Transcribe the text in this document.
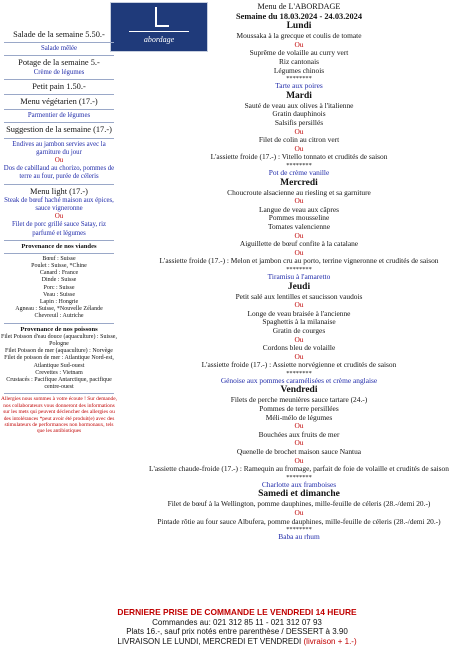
abordage
Salade de la semaine 5.50.-
Salade mêlée
Potage de la semaine 5.-
Crème de légumes
Petit pain 1.50.-
Menu végétarien (17.-)
Parmentier de légumes
Suggestion de la semaine (17.-)
Endives au jambon servies avec la garniture du jour
Ou
Dos de cabillaud au chorizo, pommes de terre au four, purée de céleris
Menu light (17.-)
Steak de bœuf haché maison aux épices, sauce vigneronne
Ou
Filet de porc grillé sauce Satay, riz parfumé et légumes
Provenance de nos viandes
Bœuf : Suisse
Poulet : Suisse, *Chine
Canard : France
Dinde : Suisse
Porc : Suisse
Veau : Suisse
Lapin : Hongrie
Agneau : Suisse, *Nouvelle Zélande
Chevreuil : Autriche
Provenance de nos poissons
Filet Poisson d'eau douce (aquaculture) : Suisse, Pologne
Filet Poisson de mer (aquaculture) : Norvège
Filet de poisson de mer : Atlantique Nord-est, Atlantique Sud-ouest
Crevettes : Vietnam
Crustacés : Pacifique Antarctique, pacifique centre-ouest
Allergies nous sommes à votre écoute ! Sur demande, nos collaborateurs vous donneront des informations sur les mets qui peuvent déclencher des allergies ou des intolérances *peut avoir été produit(e) avec des stimulateurs de performances non hormonaux, tels que les antibiotiques
Menu de L'ABORDAGE
Semaine du 18.03.2024 - 24.03.2024
Lundi
Moussaka à la grecque et coulis de tomate
Ou
Suprême de volaille au curry vert
Riz cantonais
Légumes chinois
********
Tarte aux poires
Mardi
Sauté de veau aux olives à l'italienne
Gratin dauphinois
Salsifis persillés
Ou
Filet de colin au citron vert
Ou
L'assiette froide (17.-) : Vitello tonnato et crudités de saison
********
Pot de crème vanille
Mercredi
Choucroute alsacienne au riesling et sa garniture
Ou
Langue de veau aux câpres
Pommes mousseline
Tomates valencienne
Ou
Aiguillette de bœuf confite à la catalane
Ou
L'assiette froide (17.-) : Melon et jambon cru au porto, terrine vigneronne et crudités de saison
********
Tiramisu à l'amaretto
Jeudi
Petit salé aux lentilles et saucisson vaudois
Ou
Longe de veau braisée à l'ancienne
Spaghettis à la milanaise
Gratin de courges
Ou
Cordons bleu de volaille
Ou
L'assiette froide (17.-) : Assiette norvégienne et crudités de saison
********
Génoise aux pommes caramélisées et crème anglaise
Vendredi
Filets de perche meunières sauce tartare (24.-)
Pommes de terre persillées
Méli-mélo de légumes
Ou
Bouchées aux fruits de mer
Ou
Quenelle de brochet maison sauce Nantua
Ou
L'assiette chaude-froide (17.-) : Ramequin au fromage, parfait de foie de volaille et crudités de saison
********
Charlotte aux framboises
Samedi et dimanche
Filet de bœuf à la Wellington, pomme dauphines, mille-feuille de céleris (28.-/demi 20.-)
Ou
Pintade rôtie au four sauce Albufera, pomme dauphines, mille-feuille de céleris (28.-/demi 20.-)
********
Baba au rhum
DERNIERE PRISE DE COMMANDE LE VENDREDI 14 HEURE
Commandes au: 021 312 85 11 - 021 312 07 93
Plats 16.-, sauf prix notés entre parenthèse / DESSERT à 3.90
LIVRAISON LE LUNDI, MERCREDI ET VENDREDI (livraison + 1.-)
